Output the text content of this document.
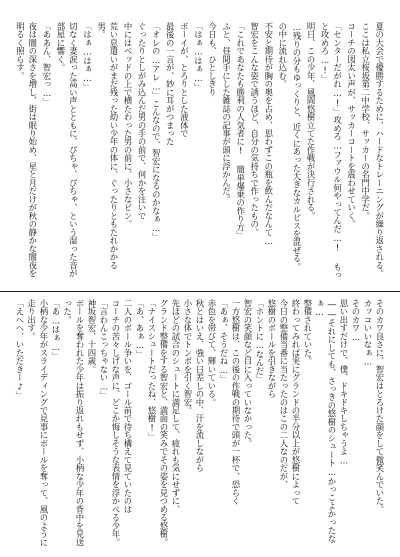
夜は闇の深さを増し、街は眠り始め、星と月だけが秋の静かな闇夜を明るく照らす。	「ああん、智宏っ…」	切なく妻涙った高い声とともに、ぴちゃ、ぴちゃ、という湿った音が部屋に響く。	「はぁ…はぁ…」	荒い息遣いがまだ残った幼い少年の体に、ぐったりともたれかかる男。	中にはベッドの上で横たわった男の前に、小さなビン。 ぐったりとしがみ込んだ男の手の前で、何かを注いで 「オレの…アレ…」こんなので、智宏になるのかなぁ…」 最後の一言が、妙に耳がつまった ボーイが、とろりとした液体で 「はぁ…はぁ…」 今日も、ひとしきり ふと、昼間手にした雑誌の記事が頭に浮かんだ。 「これであなたも勝利の人気者に! 簡単爆乗の作り方」 智宏をこんな姿で誘うほど、自分の気持ちで作ったもの。 不安と期待が胸の奥を占め、思わずこの瓶を飲んだなんて… の中に流れ込む。 …残りの分もゆっくりと、近くにあった大きなカルピスを混ぜる。 明日、この少年、風間悠樹立てた作戦が決行される。	「センターだがれ…!」攻めろ…ファウル何やってんだ…! もっと攻めろ…!」	コーチの図太い声が、サッカーコートを震わせていく。 ここは私立桜坂第二中学校、サッカーの名門中学だ。 夏の大会で優勝するために、ハードなトレーニングが繰り返される。
「えへへ、いただきー♪」	小柄な少年がスライディングで見事にボールを奪って、風のように走り出す。	「あ…はぁ…」	ボールを奪われた少年は振り返れもせず、小柄な少年の背中を見送った。	神坂智宏、十四歳。 「言わんこっちゃない…」 コーチの苦々しげな声に、どこか悔しそうな表情を浮かべる少年。 二人のボール争いを、ゴール前で待ち構えて見ていたのは 「あ、あぁ…」 「ナイスシュートだったね、悠樹!」 グランド整備をする智宏と、満面の笑みでその姿を見つめる悠樹。 先ほどの試合のシュートに満足して、疲れも気にせずに、 小さな体でトンボを引く智宏。 秋とはいえ、強い日差しの中、汗を流しながら 赤色を帯びて、輝いている。 「あぁ、そうだね…」 一方悠樹は、この後の作戦の期待で頭が一杯で、恐らく 智宏の笑顔など目に入っていなかった。 「ホントに…なんだ」 悠樹のボールを引きながら 今日の整備当番に当たったのはこの二人なのだが、 終わってみれば実にグランドの半分以上が悠樹によって 整備されていた。	――それにしても、さっきの悠樹のシュート…かっこよかったなぁ…	思い出すだけで、僕、ドキドキしちゃうよ… そのカワ… カッコいいなぁ… そのカワ良さに、智宏はとろけた顔をして微笑んでいた。
